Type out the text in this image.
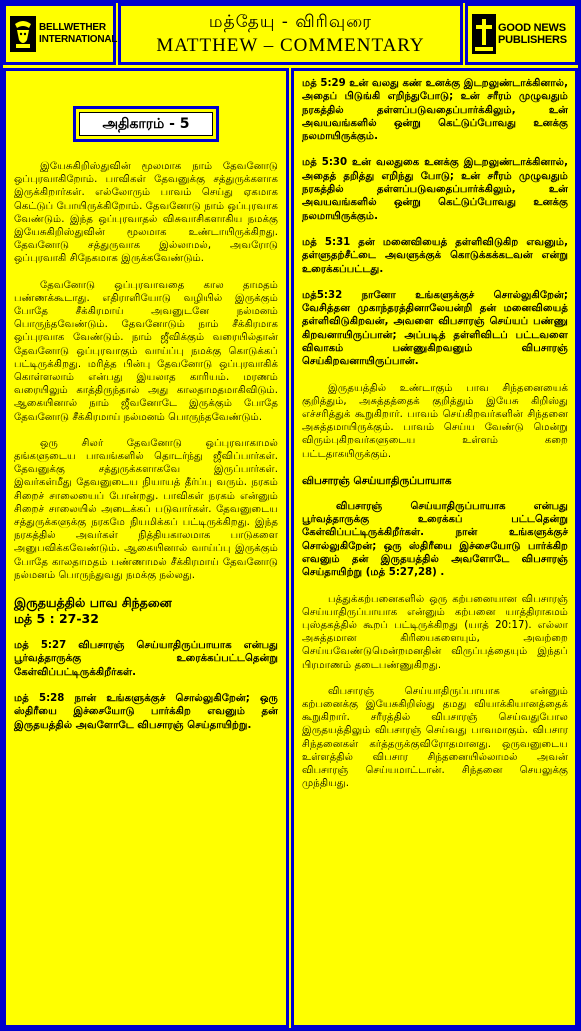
BELLWETHER
INTERNATIONAL
மத்தேயு - விரிவுரை
MATTHEW – COMMENTARY
GOOD NEWS
PUBLISHERS
அதிகாரம் - 5

இயேசுகிறிஸ்துவின் மூலமாக நாம் தேவனோடு ஒப்புரவாகிறோம். பாவிகள் தேவனுக்கு சத்துருக்களாக இருக்கிறார்கள். எல்லோரும் பாவம் செய்து ஏகமாக கெட்டுப் போயிருக்கிறோம். தேவனோடு நாம் ஒப்புரவாக வேண்டும். இந்த ஒப்புரவாதல் விசுவாசிகளாகிய நமக்கு இயேசுகிறிஸ்துவின் மூலமாக உண்டாயிருக்கிறது. தேவனோடு சத்துருவாக இல்லாமல், அவரோடு ஒப்புரவாகி சிநேகமாக இருக்கவேண்டும்.

தேவனோடு ஒப்புரவாவதை கால தாமதம் பண்ணக்கூடாது. எதிராளியோடு வழியில் இருக்கும் போதே சீக்கிரமாய் அவனுடனே நல்மனம் பொருந்தவேண்டும். தேவனோடும் நாம் சீக்கிரமாக ஒப்புரவாக வேண்டும். நாம் ஜீவிக்கும் வரையில்தான் தேவனோடு ஒப்புரவாகும் வாய்ப்பு நமக்கு கொடுக்கப் பட்டிருக்கிறது. மரித்த பின்பு தேவனோடு ஒப்புரவாகிக் கொள்ளலாம் என்பது இயலாத காரியம். மரணம் வரையிலும் காத்திருந்தால் அது காலதாமதமாகிவிடும். ஆகையினால் நாம் ஜீவனோடே இருக்கும் போதே தேவனோடு சீக்கிரமாய் நல்மனம் பொருந்தவேண்டும்.

ஒரு சிலர் தேவனோடு ஒப்புரவாகாமல் தங்களுடைய பாவங்களில் தொடர்ந்து ஜீவிப்பார்கள். தேவனுக்கு சத்துருக்களாகவே இருப்பார்கள். இவர்கள்மீது தேவனுடைய நியாயத் தீர்ப்பு வரும். நரகம் சிறைச் சாலையைப் போன்றது. பாவிகள் நரகம் என்னும் சிறைச் சாலையில் அடைக்கப் படுவார்கள். தேவனுடைய சத்துருக்களுக்கு நரகமே நியமிக்கப் பட்டிருக்கிறது. இந்த நரகத்தில் அவர்கள் நித்தியகாலமாக பாடுகளை அனுபவிக்கவேண்டும். ஆகையினால் வாய்ப்பு இருக்கும் போதே காலதாமதம் பண்ணாமல் சீக்கிரமாய் தேவனோடு நல்மனம் பொருந்துவது நமக்கு நல்லது.

இருதயத்தில் பாவ சிந்தனை
மத் 5 : 27-32

மத் 5:27 விபசாரஞ் செய்யாதிருப்பாயாக என்பது பூர்வத்தாருக்கு உரைக்கப்பட்டதென்று கேள்விப்பட்டிருக்கிறீர்கள்.

மத் 5:28 நான் உங்களுக்குச் சொல்லுகிறேன்; ஒரு ஸ்திரீயை இச்சையோடு பார்க்கிற எவனும் தன் இருதயத்தில் அவளோடே விபசாரஞ் செய்தாயிற்று.

மத் 5:29 உன் வலது கண் உனக்கு இடறலுண்டாக்கினால், அதைப் பிடுங்கி எறிந்துபோடு; உன் சரீரம் முழுவதும் நரகத்தில் தள்ளப்படுவதைப்பார்க்கிலும், உன் அவயவங்களில் ஒன்று கெட்டுப்போவது உனக்கு நலமாயிருக்கும்.

மத் 5:30 உன் வலதுகை உனக்கு இடறலுண்டாக்கினால், அதைத் தறித்து எறிந்து போடு; உன் சரீரம் முழுவதும் நரகத்தில் தள்ளப்படுவதைப்பார்க்கிலும், உன் அவயவங்களில் ஒன்று கெட்டுப்போவது உனக்கு நலமாயிருக்கும்.

மத் 5:31 தன் மனைவியைத் தள்ளிவிடுகிற எவனும், தள்ளுதற்சீட்டை அவளுக்குக் கொடுக்கக்கடவன் என்று உரைக்கப்பட்டது.

மத்5:32 நானோ உங்களுக்குச் சொல்லுகிறேன்; வேசித்தன முகாந்தரத்தினாலேயன்றி தன் மனைவியைத் தள்ளிவிடுகிறவன், அவளை விபசாரஞ் செய்யப் பண்ணு கிறவனாயிருப்பான்; அப்படித் தள்ளிவிடப் பட்டவளை விவாகம் பண்ணுகிறவனும் விபசாரஞ் செய்கிறவனாயிருப்பான்.

இருதயத்தில் உண்டாகும் பாவ சிந்தனையைக் குறித்தும், அசுத்தத்தைக் குறித்தும் இயேசு கிறிஸ்து எச்சரித்துக் கூறுகிறார். பாவம் செய்கிறவர்களின் சிந்தனை அசுத்தமாயிருக்கும். பாவம் செய்ய வேண்டு மென்று விரும்புகிறவர்களுடைய உள்ளம் கறை பட்டதாகயிருக்கும்.

விபசாரஞ் செய்யாதிருப்பாயாக

விபசாரஞ் செய்யாதிருப்பாயாக என்பது பூர்வத்தாருக்கு உரைக்கப் பட்டதென்று கேள்விப்பட்டிருக்கிறீர்கள். நான் உங்களுக்குச் சொல்லுகிறேன்; ஒரு ஸ்திரீயை இச்சையோடு பார்க்கிற எவனும் தன் இருதயத்தில் அவளோடே விபசாரஞ் செய்தாயிற்று (மத் 5:27,28) .

பத்துக்கற்பனைகளில் ஒரு கற்பனையான விபசாரஞ் செய்யாதிருப்பாயாக என்னும் கற்பனை யாத்திராகமம் புஸ்தகத்தில் கூறப் பட்டிருக்கிறது (யாத் 20:17). எல்லா அசுத்தமான கிரியைகளையும், அவற்றை செய்யவேண்டுமென்றமனதின் விருப்பத்தையும் இந்தப் பிரமாணம் தடைபண்ணுகிறது.

விபசாரஞ் செய்யாதிருப்பாயாக என்னும் கற்பனைக்கு இயேசுகிறிஸ்து தமது வியாக்கியானத்தைக் கூறுகிறார். சரீரத்தில் விபசாரஞ் செய்வதுபோல இருதயத்திலும் விபசாரஞ் செய்வது பாவமாகும். விபசார சிந்தனைகள் கர்த்தருக்குவிரோதமானது. ஒருவனுடைய உள்ளத்தில் விபசார சிந்தனையில்லாமல் அவன் விபசாரஞ் செய்யமாட்டான். சிந்தனை செயலுக்கு முந்தியது.
